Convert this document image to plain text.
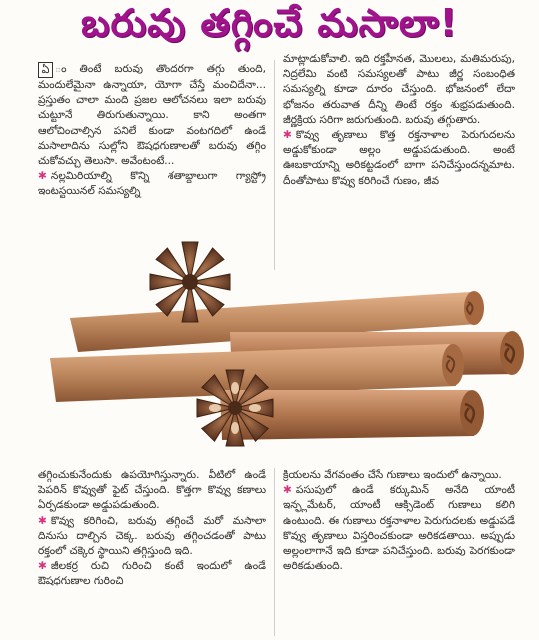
బరువు తగ్గించే మసాలా!

ఏ ం తింటే బరువు తొందరగా తగ్గు తుంది, మందులేమైనా ఉన్నాయా, యోగా చేస్తే మంచిదేనా... ప్రస్తుతం చాలా మంది ప్రజల ఆలోచనలు ఇలా బరువు చుట్టూనే తిరుగుతున్నాయి. కాని అంతగా ఆలోచించాల్సిన పనిలే కుండా వంటగదిలో ఉండే మసాలాదిను సుల్లోని ఔషధగుణాలతో బరువు తగ్గిం చుకోవచ్చు తెలుసా. అవేంటంటే...

✱ నల్లమిరియాల్ని కొన్ని శతాబ్దాలుగా గ్యాస్ట్రో ఇంటస్టయినల్ సమస్యల్ని

మాట్లాడుకోవాలి. ఇది రక్తహీనత, మొలలు, మతిమరుపు, నిద్రలేమి వంటి సమస్యలతో పాటు జీర్ణ సంబంధిత సమస్యల్ని కూడా దూరం చేస్తుంది. భోజనంలో లేదా భోజనం తరువాత దీన్ని తింటే రక్తం శుభ్రపడుతుంది. జీర్ణక్రియ సరిగా జరుగుతుంది. బరువు తగ్గుతారు.

✱ కొవ్వు తృణాలు కొత్త రక్తనాళాల పెరుగుదలను అడ్డుకోకుండా అల్లం అడ్డుపడుతుంది. అంటే ఊబకాయాన్ని అరికట్టడంలో బాగా పనిచేస్తుందన్నమాట. దీంతోపాటు కొవ్వు కరిగించే గుణం, జీవ

తగ్గించుకునేందుకు ఉపయోగిస్తున్నారు. వీటిలో ఉండే పెపరిన్ కొవ్వుతో ఫైట్ చేస్తుంది. కొత్తగా కొవ్వు కణాలు ఏర్పడకుండా అడ్డుపడుతుంది.

✱ కొవ్వు కరిగించి, బరువు తగ్గించే మరో మసాలా దినుసు దాల్చిన చెక్క. బరువు తగ్గించడంతో పాటు రక్తంలో చక్కెర స్థాయిని తగ్గిస్తుంది ఇది.

✱ జీలకర్ర రుచి గురించి కంటే ఇందులో ఉండే ఔషధగుణాల గురించి

క్రియలను వేగవంతం చేసే గుణాలు ఇందులో ఉన్నాయి.

✱ పసుపులో ఉండే కర్కుమిన్ అనేది యాంటీ ఇన్ఫ్లమేటర్, యాంటీ ఆక్సిడెంట్ గుణాలు కలిగి ఉంటుంది. ఈ గుణాలు రక్తనాళాల పెరుగుదలకు అడ్డుపడే కొవ్వు తృణాలు విస్తరించకుండా అరికడతాయి. అప్పుడు అల్లంలాగానే ఇది కూడా పనిచేస్తుంది. బరువు పెరగకుండా అరికడుతుంది.
